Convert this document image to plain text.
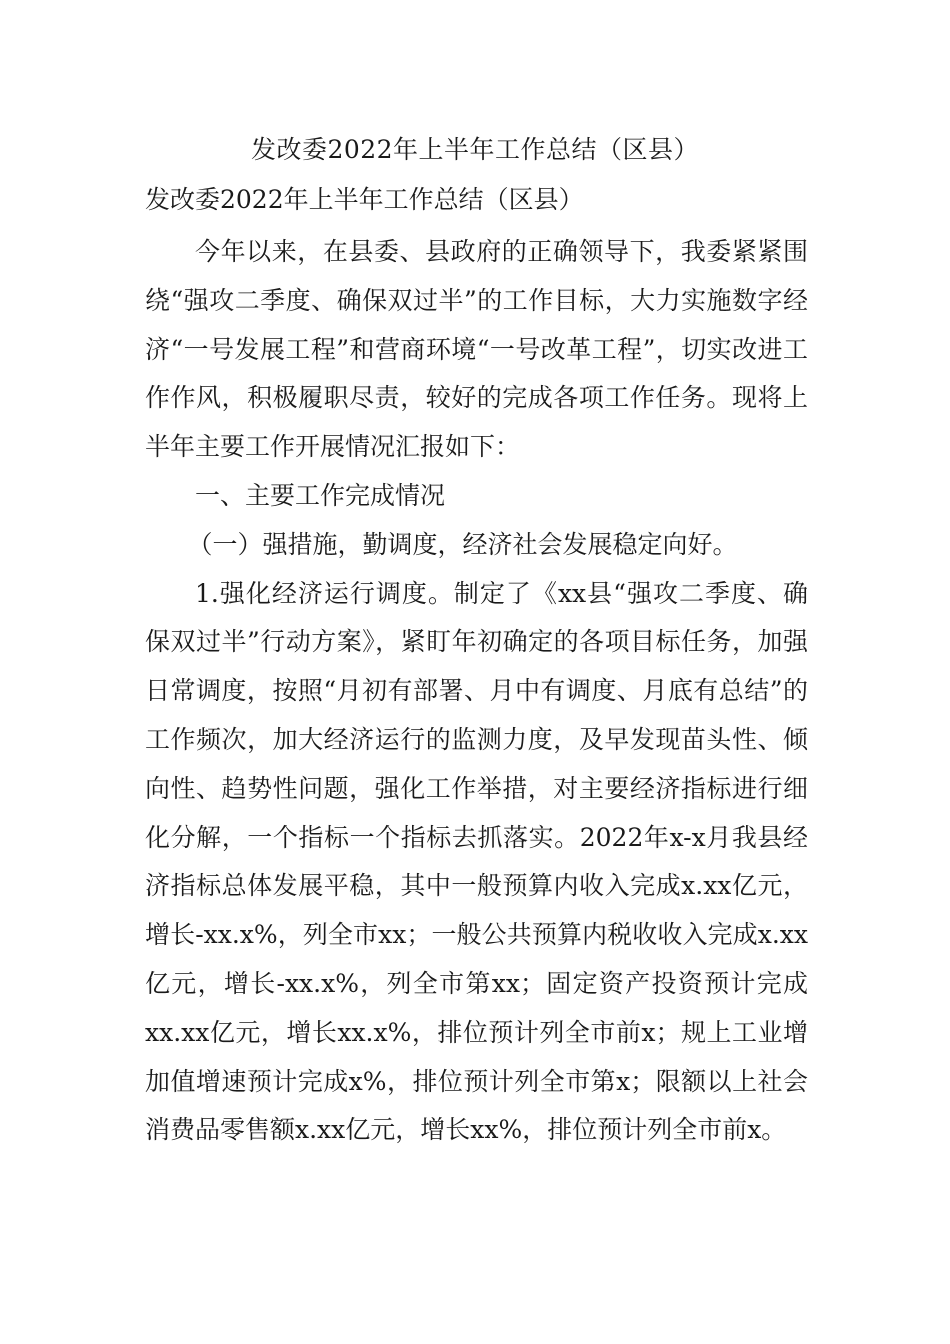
发改委2022年上半年工作总结（区县）
发改委2022年上半年工作总结（区县）

今年以来，在县委、县政府的正确领导下，我委紧紧围绕“强攻二季度、确保双过半”的工作目标，大力实施数字经济“一号发展工程”和营商环境“一号改革工程”，切实改进工作作风，积极履职尽责，较好的完成各项工作任务。现将上半年主要工作开展情况汇报如下：

一、主要工作完成情况

（一）强措施，勤调度，经济社会发展稳定向好。

1.强化经济运行调度。制定了《xx县“强攻二季度、确保双过半”行动方案》，紧盯年初确定的各项目标任务，加强日常调度，按照“月初有部署、月中有调度、月底有总结”的工作频次，加大经济运行的监测力度，及早发现苗头性、倾向性、趋势性问题，强化工作举措，对主要经济指标进行细化分解，一个指标一个指标去抓落实。2022年x-x月我县经济指标总体发展平稳，其中一般预算内收入完成x.xx亿元，增长-xx.x%，列全市xx；一般公共预算内税收收入完成x.xx亿元，增长-xx.x%，列全市第xx；固定资产投资预计完成xx.xx亿元，增长xx.x%，排位预计列全市前x；规上工业增加值增速预计完成x%，排位预计列全市第x；限额以上社会消费品零售额x.xx亿元，增长xx%，排位预计列全市前x。
